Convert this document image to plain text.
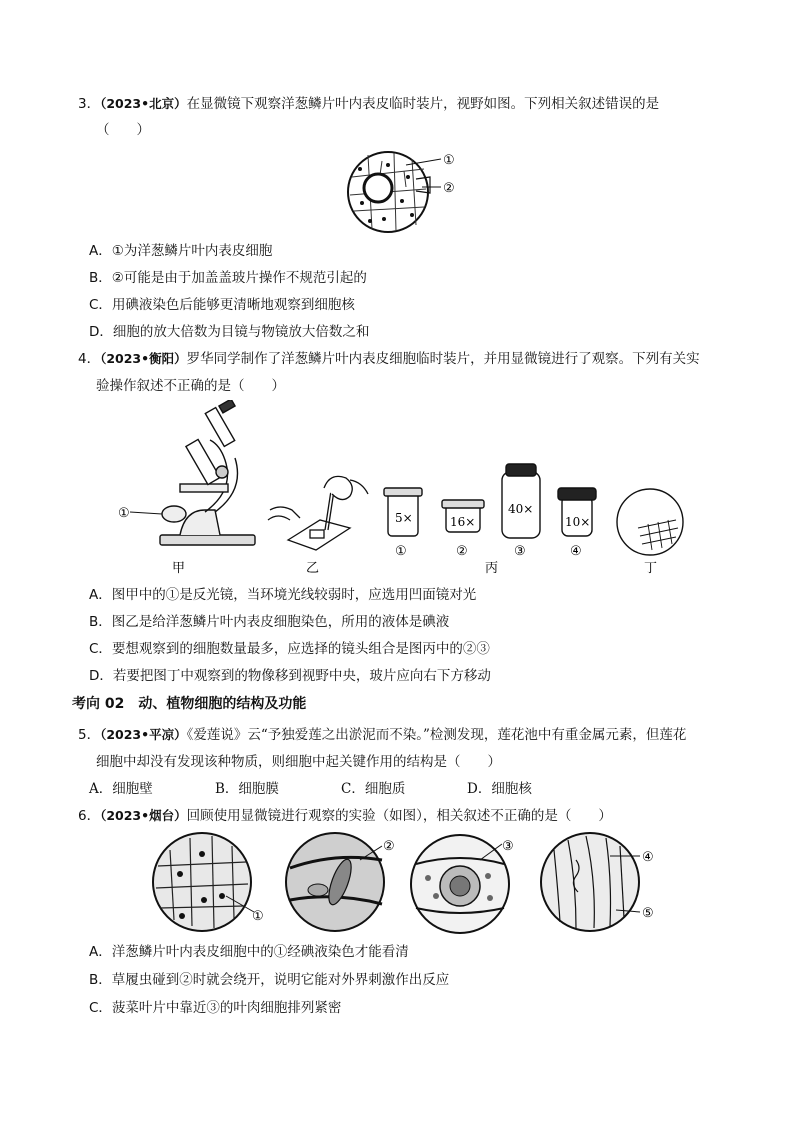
3．（2023•北京）在显微镜下观察洋葱鳞片叶内表皮临时装片，视野如图。下列相关叙述错误的是
（　　）
①
②
A．①为洋葱鳞片叶内表皮细胞
B．②可能是由于加盖盖玻片操作不规范引起的
C．用碘液染色后能够更清晰地观察到细胞核
D．细胞的放大倍数为目镜与物镜放大倍数之和
4．（2023•衡阳）罗华同学制作了洋葱鳞片叶内表皮细胞临时装片，并用显微镜进行了观察。下列有关实
验操作叙述不正确的是（　　）
①	5×	16×
40×
10×
①	②	③	④
甲	乙	丙	丁
A．图甲中的①是反光镜，当环境光线较弱时，应选用凹面镜对光
B．图乙是给洋葱鳞片叶内表皮细胞染色，所用的液体是碘液
C．要想观察到的细胞数量最多，应选择的镜头组合是图丙中的②③
D．若要把图丁中观察到的物像移到视野中央，玻片应向右下方移动
考向 02　动、植物细胞的结构及功能
5．（2023•平凉）《爱莲说》云“予独爱莲之出淤泥而不染。”检测发现，莲花池中有重金属元素，但莲花
细胞中却没有发现该种物质，则细胞中起关键作用的结构是（　　）
A．细胞壁	B．细胞膜	C．细胞质	D．细胞核
6．（2023•烟台）回顾使用显微镜进行观察的实验（如图），相关叙述不正确的是（　　）
①
②	③
④
⑤
A．洋葱鳞片叶内表皮细胞中的①经碘液染色才能看清
B．草履虫碰到②时就会绕开，说明它能对外界刺激作出反应
C．菠菜叶片中靠近③的叶肉细胞排列紧密
